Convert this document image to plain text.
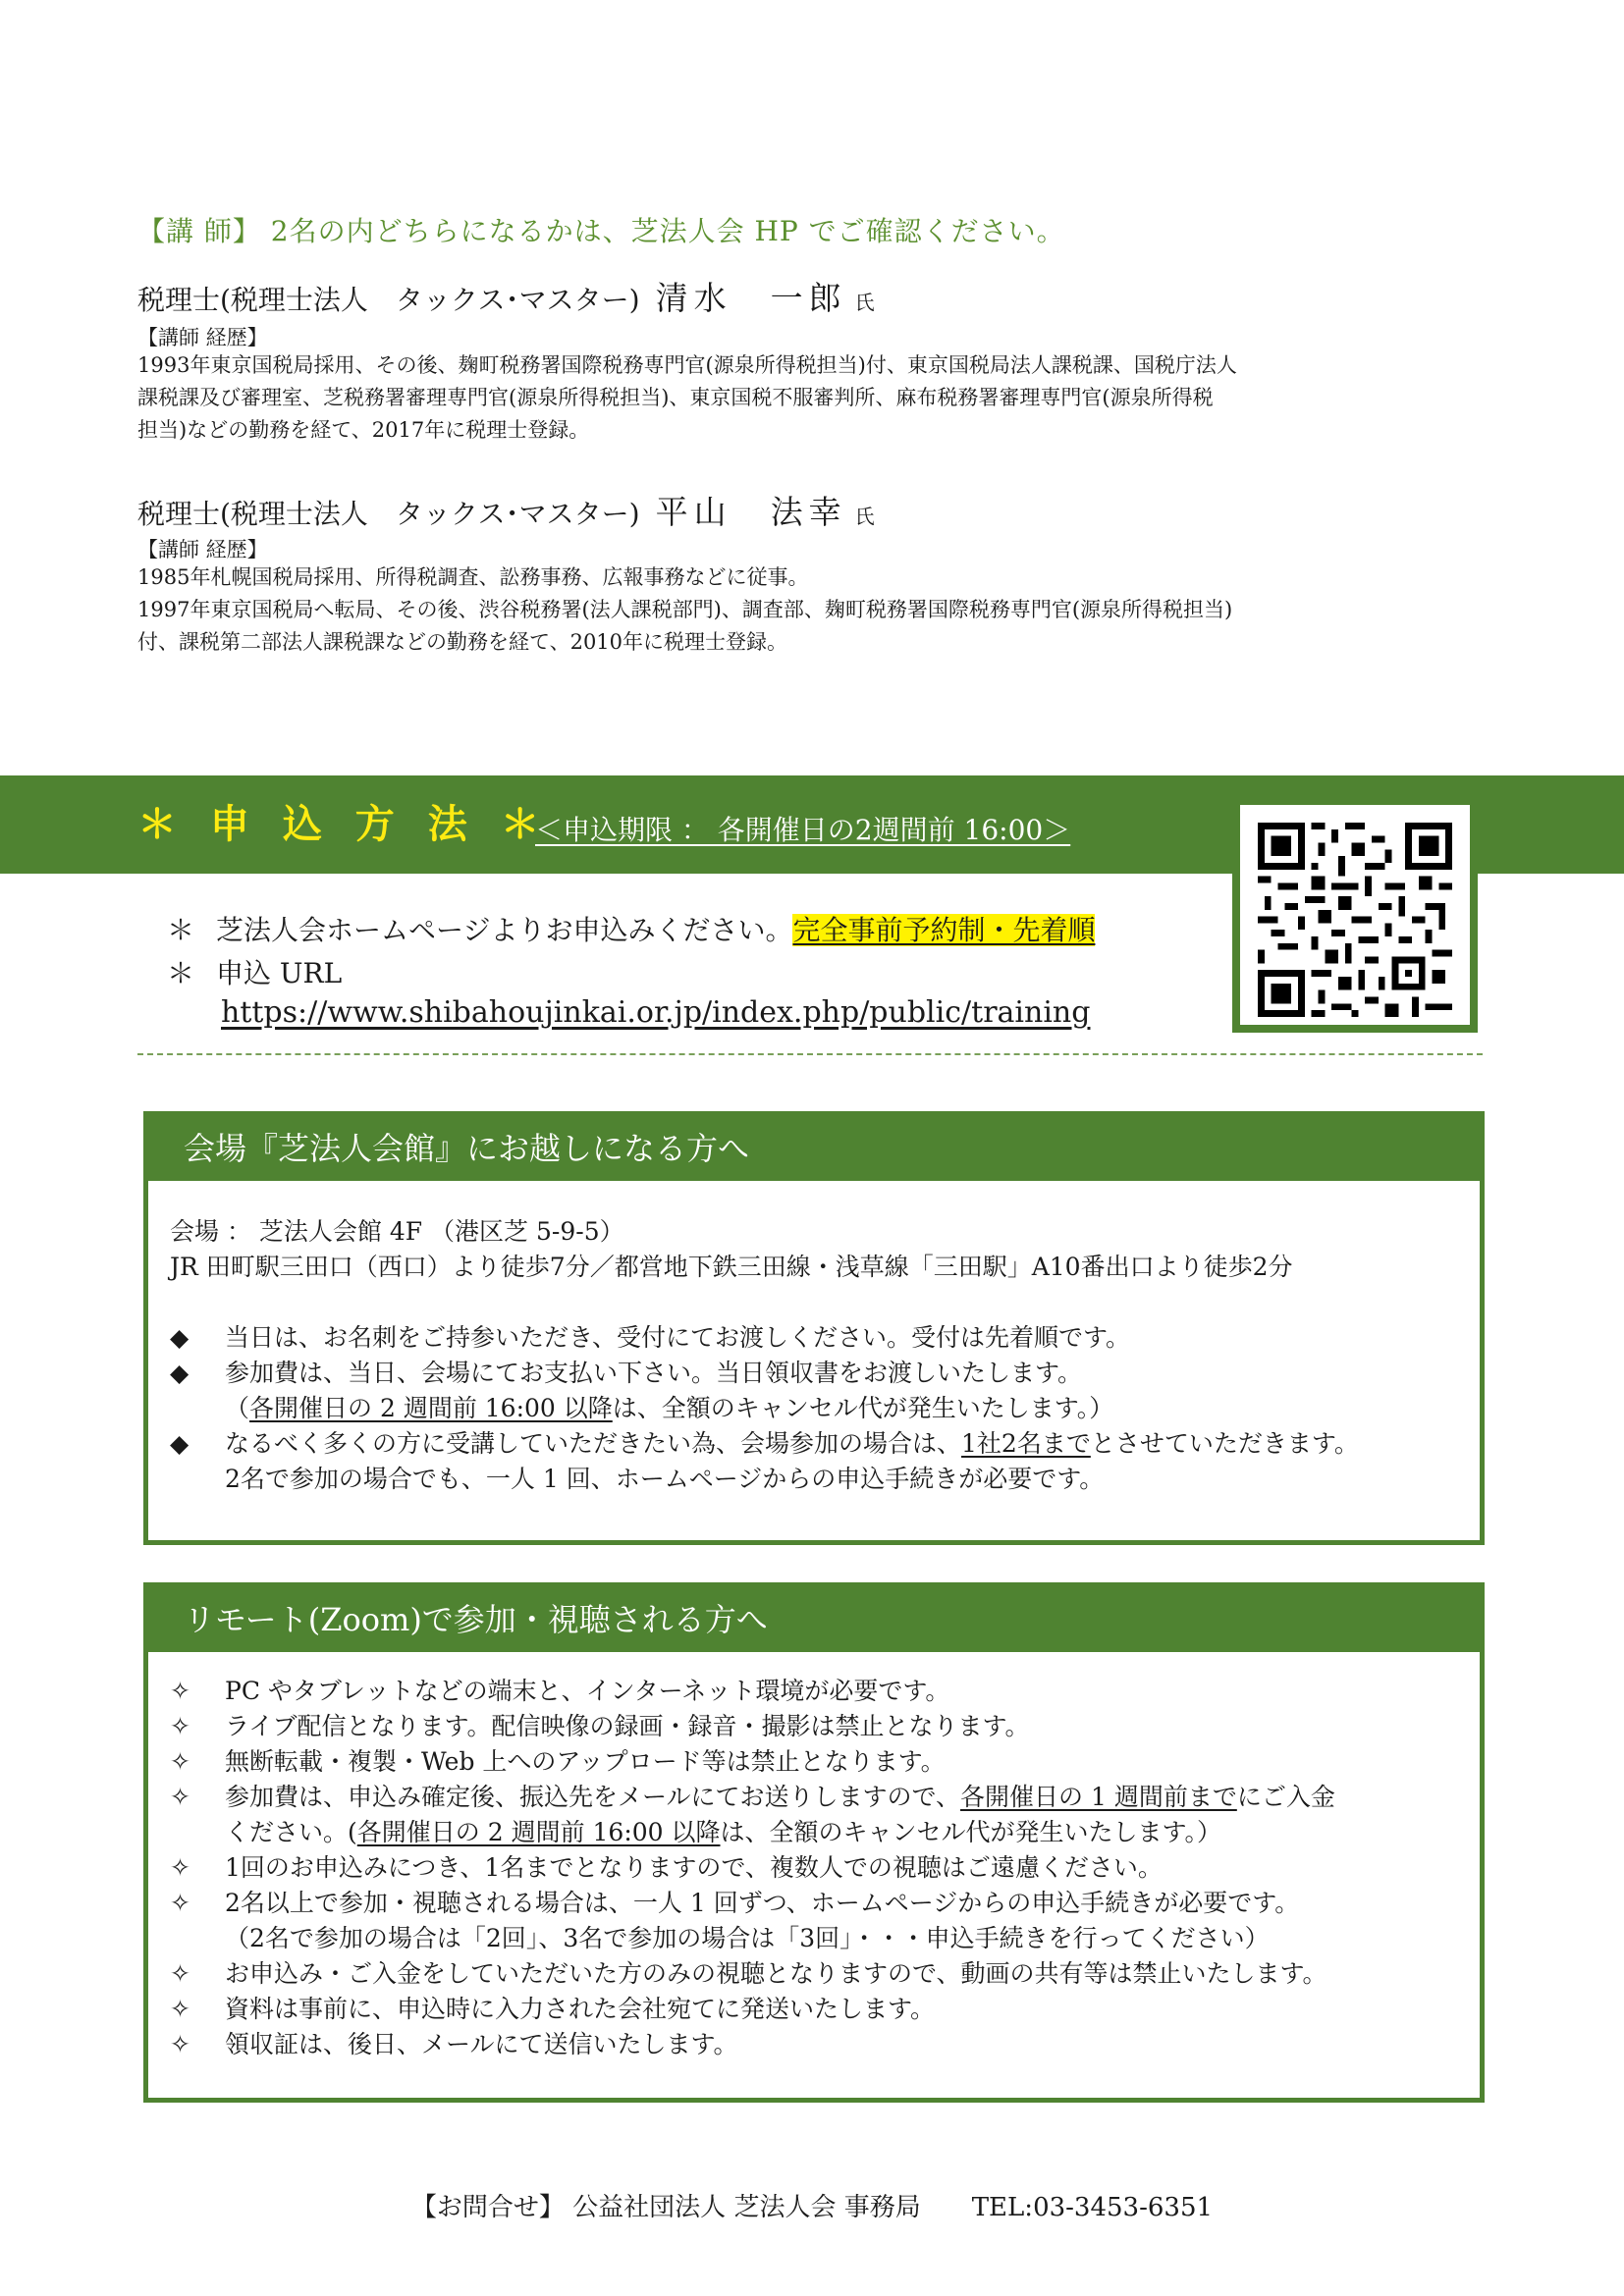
【講 師】 2名の内どちらになるかは、芝法人会 HP でご確認ください。
税理士(税理士法人　タックス･マスター) 清水　一郎 氏
【講師 経歴】
1993年東京国税局採用、その後、麹町税務署国際税務専門官(源泉所得税担当)付、東京国税局法人課税課、国税庁法人
課税課及び審理室、芝税務署審理専門官(源泉所得税担当)、東京国税不服審判所、麻布税務署審理専門官(源泉所得税
担当)などの勤務を経て、2017年に税理士登録。
税理士(税理士法人　タックス･マスター) 平山　法幸 氏
【講師 経歴】
1985年札幌国税局採用、所得税調査、訟務事務、広報事務などに従事。
1997年東京国税局へ転局、その後、渋谷税務署(法人課税部門)、調査部、麹町税務署国際税務専門官(源泉所得税担当)
付、課税第二部法人課税課などの勤務を経て、2010年に税理士登録。
＊ 申 込 方 法 ＊
＜申込期限 ： 各開催日の2週間前 16:00＞
＊ 芝法人会ホームページよりお申込みください。完全事前予約制・先着順
＊ 申込 URL
https://www.shibahoujinkai.or.jp/index.php/public/training
会場『芝法人会館』にお越しになる方へ
会場 ： 芝法人会館 4F （港区芝 5-9-5）
JR 田町駅三田口（西口）より徒歩7分／都営地下鉄三田線・浅草線「三田駅」A10番出口より徒歩2分
◆ 当日は、お名刺をご持参いただき、受付にてお渡しください。受付は先着順です。
◆ 参加費は、当日、会場にてお支払い下さい。当日領収書をお渡しいたします。
（各開催日の 2 週間前 16:00 以降は、全額のキャンセル代が発生いたします。）
◆ なるべく多くの方に受講していただきたい為、会場参加の場合は、1社2名までとさせていただきます。
2名で参加の場合でも、一人 1 回、ホームページからの申込手続きが必要です。
リモート(Zoom)で参加・視聴される方へ
✧ PC やタブレットなどの端末と、インターネット環境が必要です。
✧ ライブ配信となります。配信映像の録画・録音・撮影は禁止となります。
✧ 無断転載・複製・Web 上へのアップロード等は禁止となります。
✧ 参加費は、申込み確定後、振込先をメールにてお送りしますので、各開催日の 1 週間前までにご入金
ください。(各開催日の 2 週間前 16:00 以降は、全額のキャンセル代が発生いたします。）
✧ 1回のお申込みにつき、1名までとなりますので、複数人での視聴はご遠慮ください。
✧ 2名以上で参加・視聴される場合は、一人 1 回ずつ、ホームページからの申込手続きが必要です。
（2名で参加の場合は「2回」、3名で参加の場合は「3回」・・・申込手続きを行ってください）
✧ お申込み・ご入金をしていただいた方のみの視聴となりますので、動画の共有等は禁止いたします。
✧ 資料は事前に、申込時に入力された会社宛てに発送いたします。
✧ 領収証は、後日、メールにて送信いたします。
【お問合せ】 公益社団法人 芝法人会 事務局　　TEL:03-3453-6351
